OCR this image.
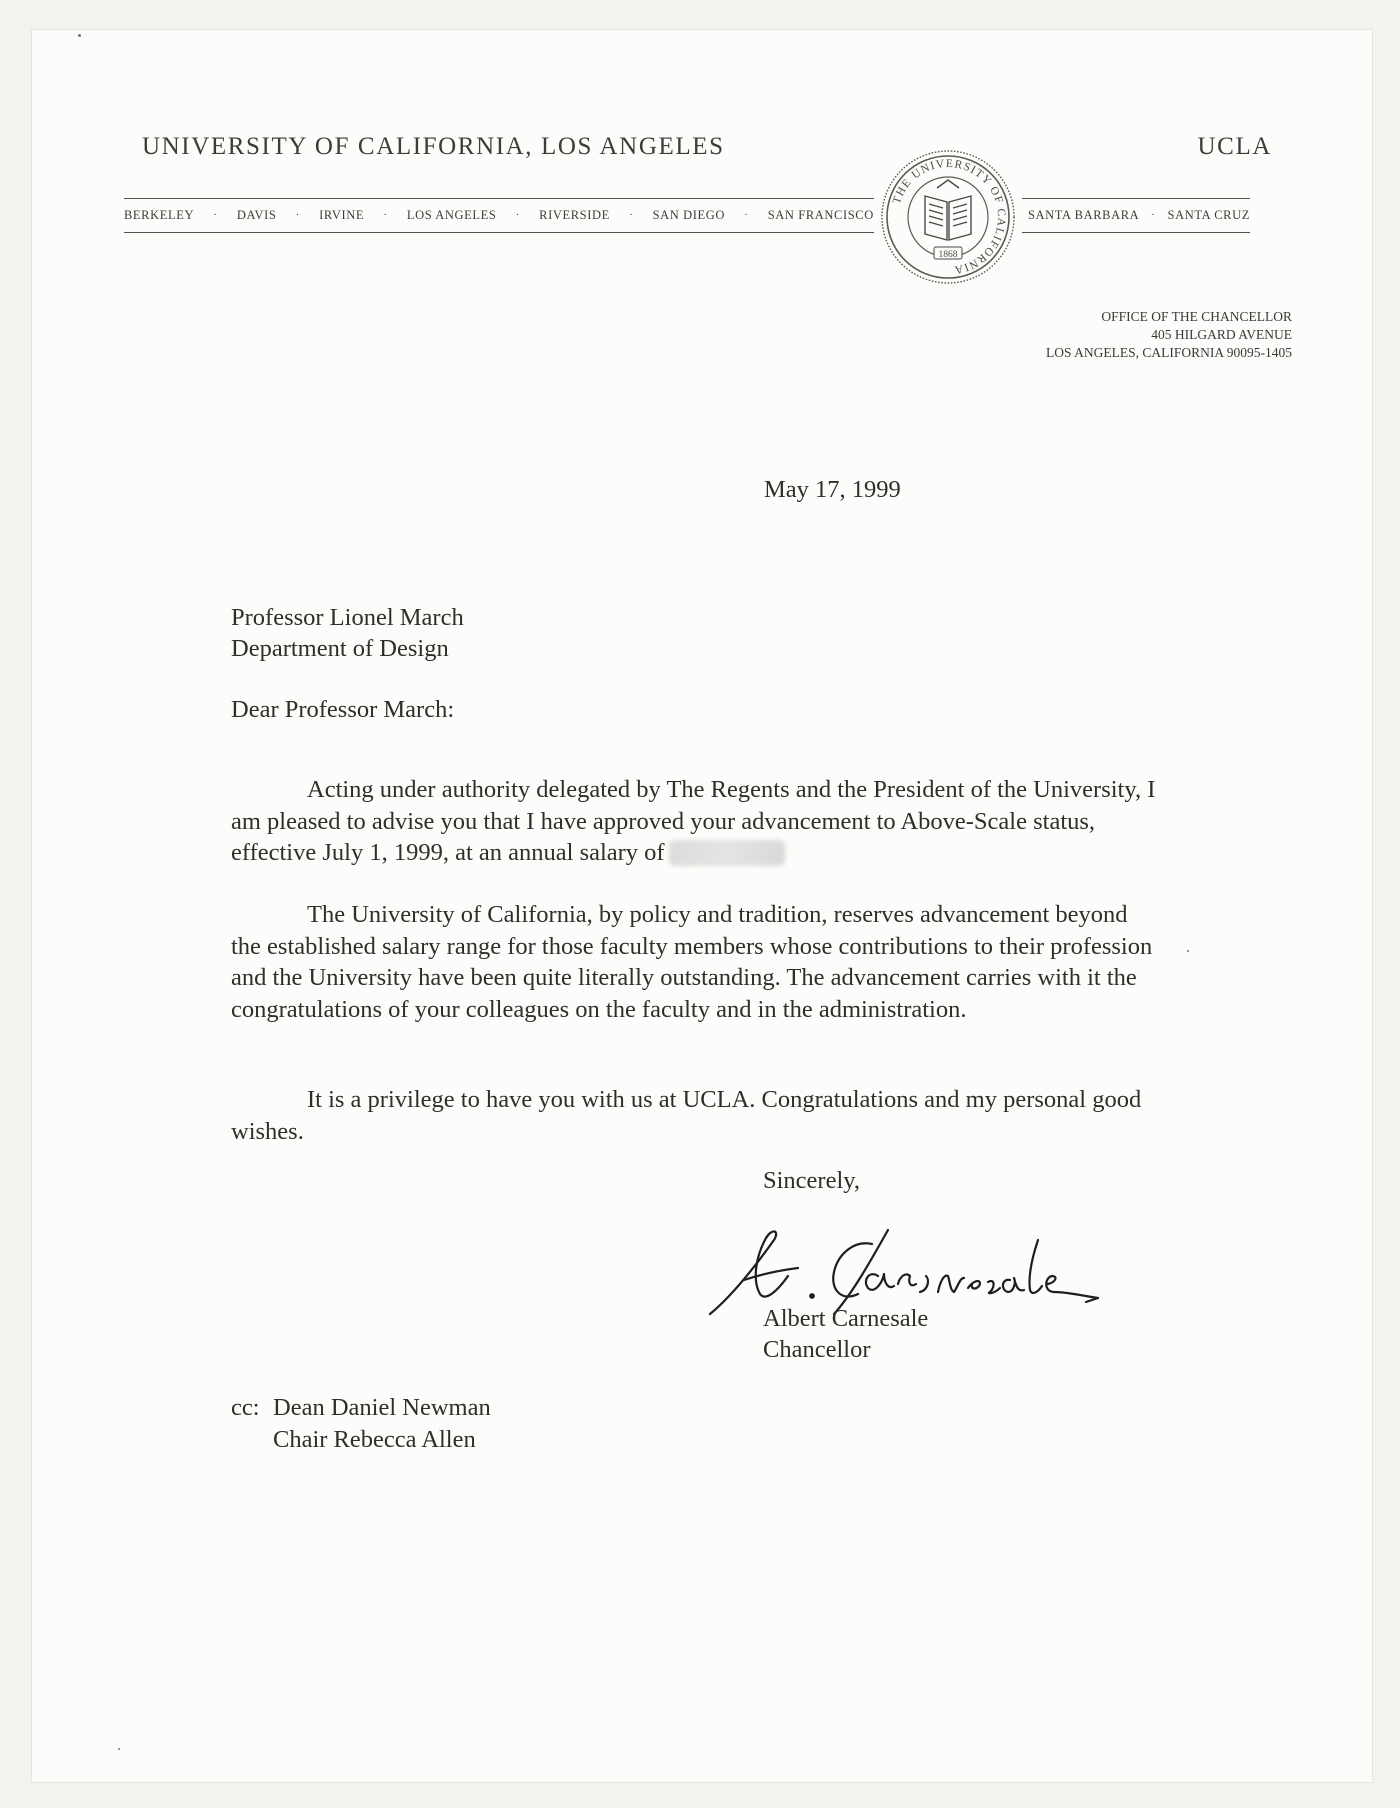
UNIVERSITY OF CALIFORNIA, LOS ANGELES	UCLA
BERKELEY · DAVIS · IRVINE · LOS ANGELES · RIVERSIDE · SAN DIEGO · SAN FRANCISCO	SANTA BARBARA · SANTA CRUZ
THE UNIVERSITY OF CALIFORNIA
1868
OFFICE OF THE CHANCELLOR
405 HILGARD AVENUE
LOS ANGELES, CALIFORNIA 90095-1405
May 17, 1999
Professor Lionel March
Department of Design
Dear Professor March:
Acting under authority delegated by The Regents and the President of the University, I am pleased to advise you that I have approved your advancement to Above-Scale status, effective July 1, 1999, at an annual salary of
The University of California, by policy and tradition, reserves advancement beyond the established salary range for those faculty members whose contributions to their profession and the University have been quite literally outstanding. The advancement carries with it the congratulations of your colleagues on the faculty and in the administration.
It is a privilege to have you with us at UCLA. Congratulations and my personal good wishes.
Sincerely,
Albert Carnesale
Chancellor
cc: Dean Daniel Newman
Chair Rebecca Allen
